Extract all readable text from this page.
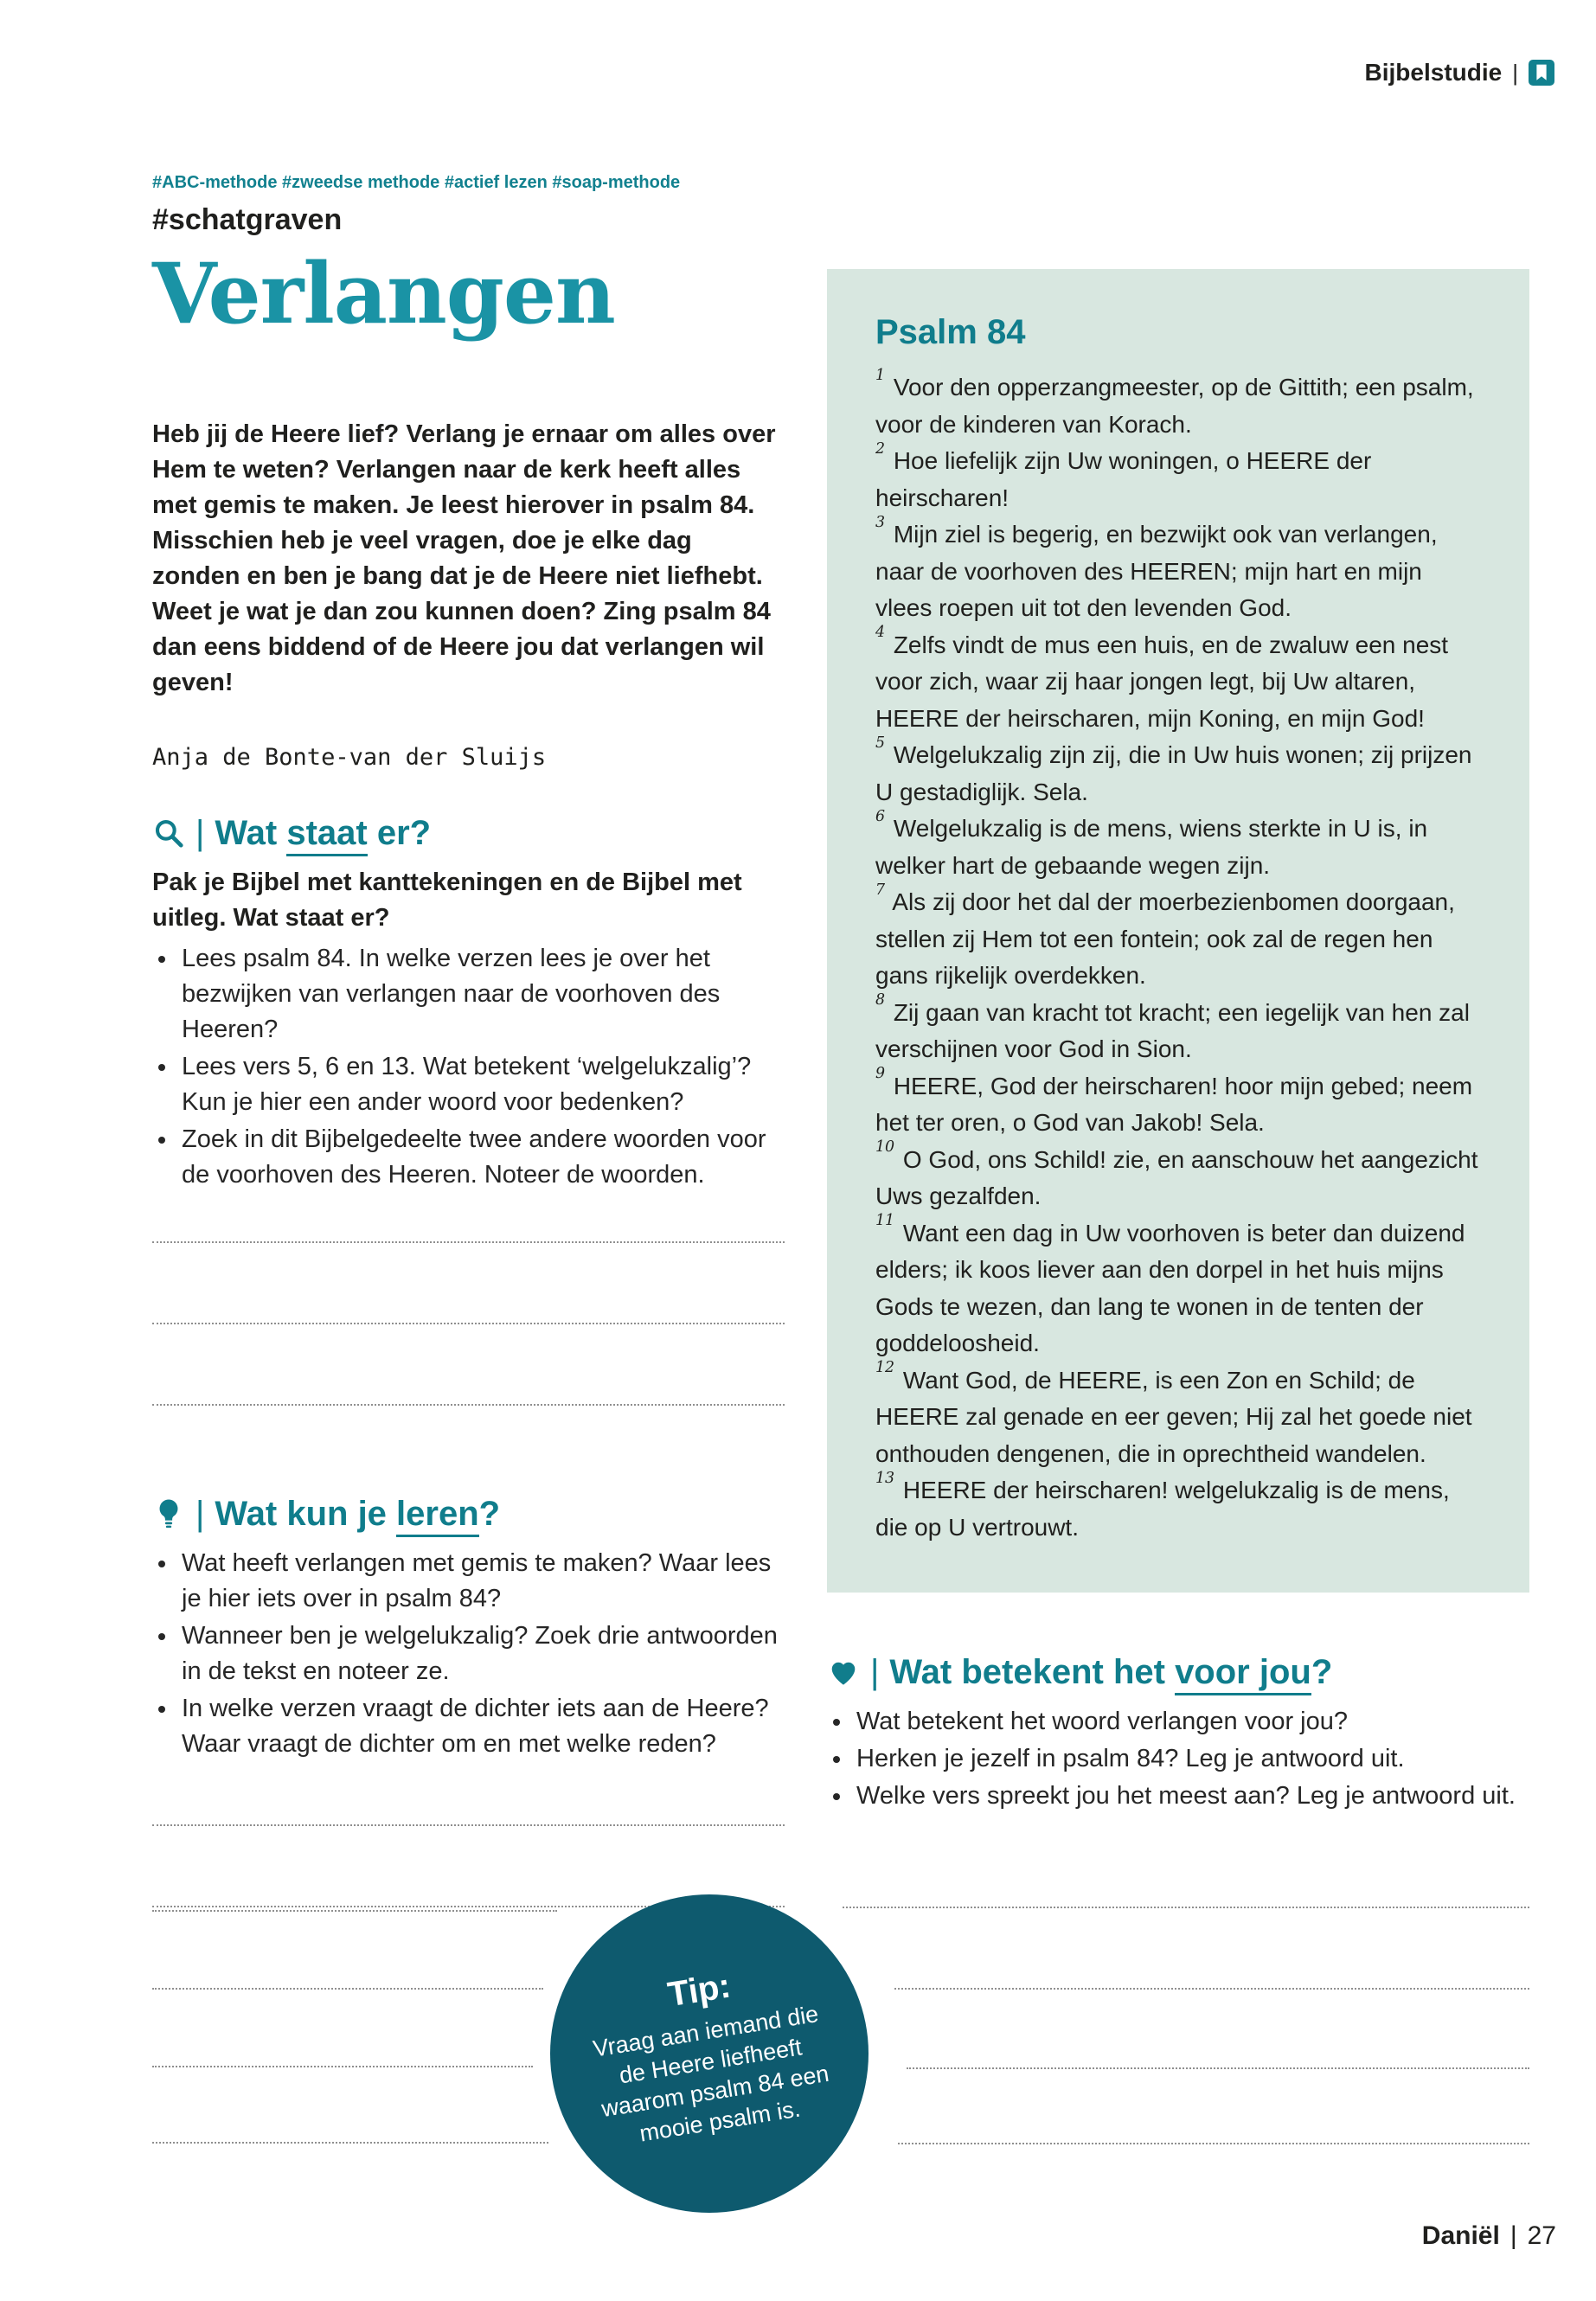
Bijbelstudie |

#ABC-methode #zweedse methode #actief lezen #soap-methode

#schatgraven

Verlangen

Heb jij de Heere lief? Verlang je ernaar om alles over Hem te weten? Verlangen naar de kerk heeft alles met gemis te maken. Je leest hierover in psalm 84. Misschien heb je veel vragen, doe je elke dag zonden en ben je bang dat je de Heere niet liefhebt. Weet je wat je dan zou kunnen doen? Zing psalm 84 dan eens biddend of de Heere jou dat verlangen wil geven!

Anja de Bonte-van der Sluijs

| Wat staat er?

Pak je Bijbel met kanttekeningen en de Bijbel met uitleg. Wat staat er?

• Lees psalm 84. In welke verzen lees je over het bezwijken van verlangen naar de voorhoven des Heeren?
• Lees vers 5, 6 en 13. Wat betekent ‘welgelukzalig’? Kun je hier een ander woord voor bedenken?
• Zoek in dit Bijbelgedeelte twee andere woorden voor de voorhoven des Heeren. Noteer de woorden.
| Wat kun je leren?
• Wat heeft verlangen met gemis te maken? Waar lees je hier iets over in psalm 84?
• Wanneer ben je welgelukzalig? Zoek drie antwoorden in de tekst en noteer ze.
• In welke verzen vraagt de dichter iets aan de Heere? Waar vraagt de dichter om en met welke reden?
Psalm 84

$^1$ Voor den opperzangmeester, op de Gittith; een psalm, voor de kinderen van Korach.

$^2$ Hoe liefelijk zijn Uw woningen, o HEERE der heirscharen!

$^3$ Mijn ziel is begerig, en bezwijkt ook van verlangen, naar de voorhoven des HEEREN; mijn hart en mijn vlees roepen uit tot den levenden God.

$^4$ Zelfs vindt de mus een huis, en de zwaluw een nest voor zich, waar zij haar jongen legt, bij Uw altaren, HEERE der heirscharen, mijn Koning, en mijn God!

$^5$ Welgelukzalig zijn zij, die in Uw huis wonen; zij prijzen U gestadiglijk. Sela.

$^6$ Welgelukzalig is de mens, wiens sterkte in U is, in welker hart de gebaande wegen zijn.

$^7$ Als zij door het dal der moerbezienbomen doorgaan, stellen zij Hem tot een fontein; ook zal de regen hen gans rijkelijk overdekken.

$^8$ Zij gaan van kracht tot kracht; een iegelijk van hen zal verschijnen voor God in Sion.

$^9$ HEERE, God der heirscharen! hoor mijn gebed; neem het ter oren, o God van Jakob! Sela.

$^{10}$ O God, ons Schild! zie, en aanschouw het aangezicht Uws gezalfden.

$^{11}$ Want een dag in Uw voorhoven is beter dan duizend elders; ik koos liever aan den dorpel in het huis mijns Gods te wezen, dan lang te wonen in de tenten der goddeloosheid.

$^{12}$ Want God, de HEERE, is een Zon en Schild; de HEERE zal genade en eer geven; Hij zal het goede niet onthouden dengenen, die in oprechtheid wandelen.

$^{13}$ HEERE der heirscharen! welgelukzalig is de mens, die op U vertrouwt.

| Wat betekent het voor jou?
• Wat betekent het woord verlangen voor jou?
• Herken je jezelf in psalm 84? Leg je antwoord uit.
• Welke vers spreekt jou het meest aan? Leg je antwoord uit.

Tip:

Vraag aan iemand die de Heere liefheeft waarom psalm 84 een mooie psalm is.

Daniël | 27
